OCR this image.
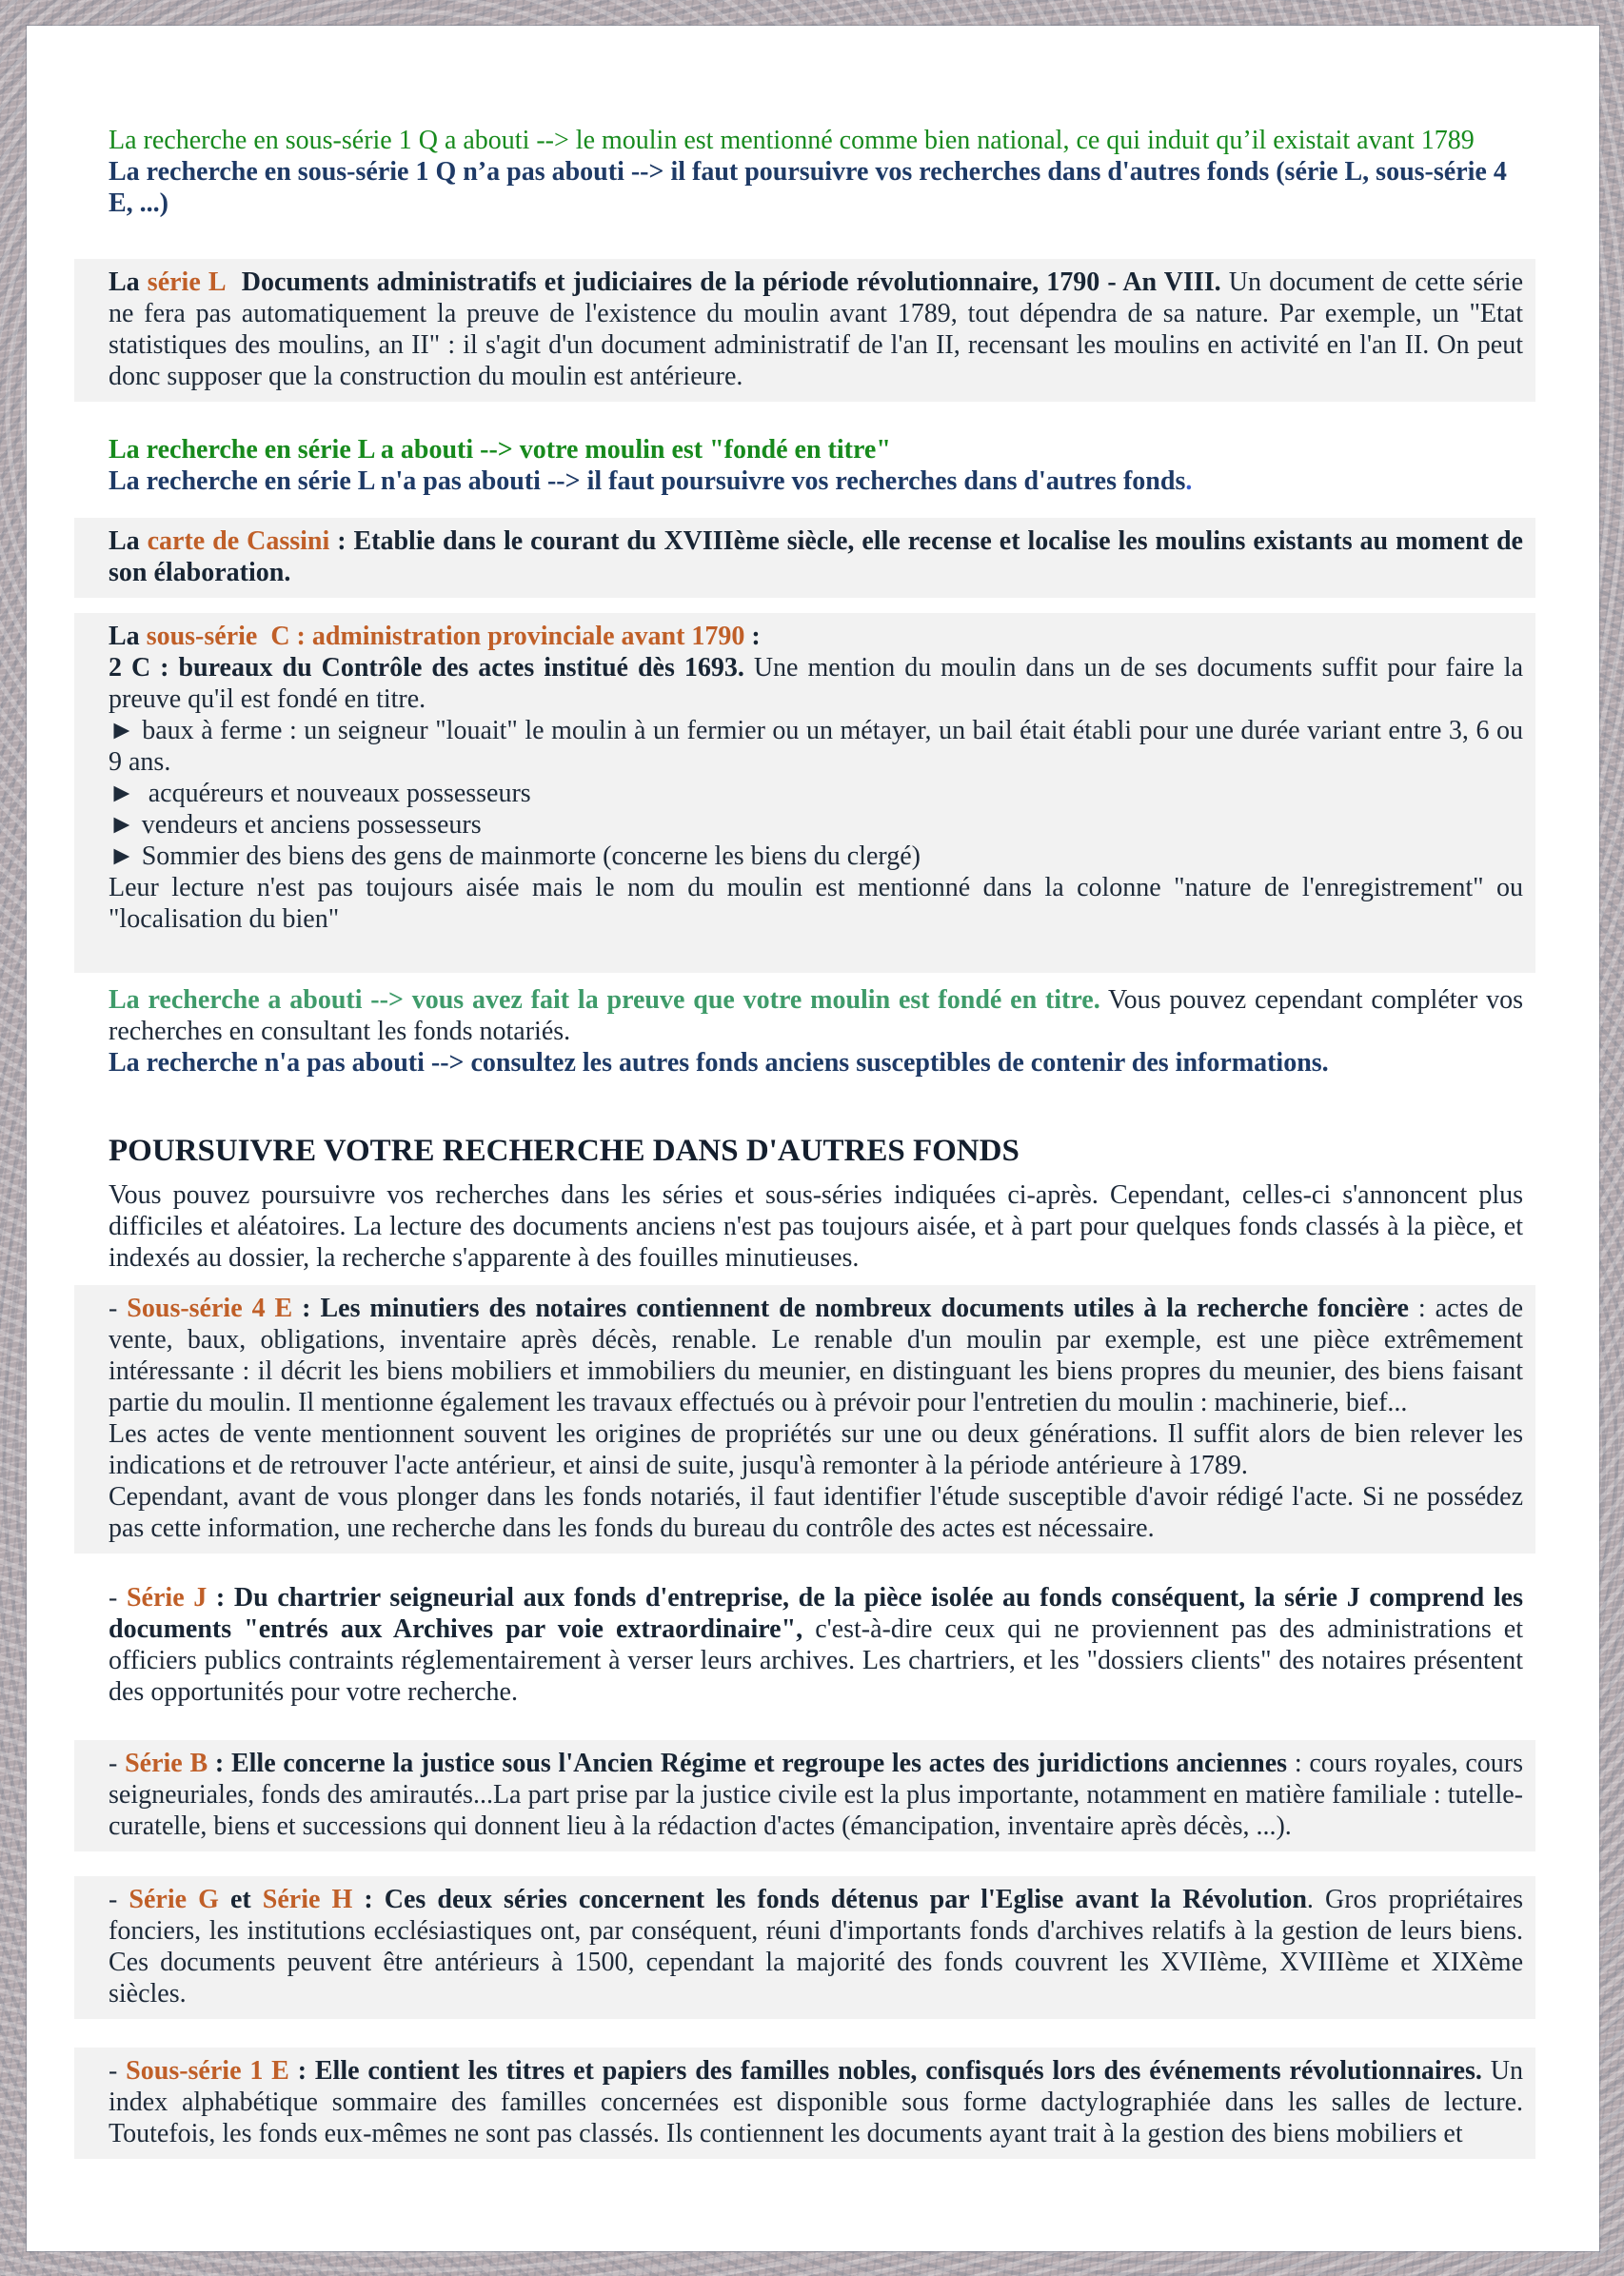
La recherche en sous-série 1 Q a abouti --> le moulin est mentionné comme bien national, ce qui induit qu’il existait avant 1789

La recherche en sous-série 1 Q n’a pas abouti --> il faut poursuivre vos recherches dans d'autres fonds (série L, sous-série 4 E, ...)

La série L  Documents administratifs et judiciaires de la période révolutionnaire, 1790 - An VIII. Un document de cette série ne fera pas automatiquement la preuve de l'existence du moulin avant 1789, tout dépendra de sa nature. Par exemple, un "Etat statistiques des moulins, an II" : il s'agit d'un document administratif de l'an II, recensant les moulins en activité en l'an II. On peut donc supposer que la construction du moulin est antérieure.

La recherche en série L a abouti --> votre moulin est "fondé en titre"

La recherche en série L n'a pas abouti --> il faut poursuivre vos recherches dans d'autres fonds.

La carte de Cassini : Etablie dans le courant du XVIIIème siècle, elle recense et localise les moulins existants au moment de son élaboration.

La sous-série  C : administration provinciale avant 1790 :

2 C : bureaux du Contrôle des actes institué dès 1693. Une mention du moulin dans un de ses documents suffit pour faire la preuve qu'il est fondé en titre.

► baux à ferme : un seigneur "louait" le moulin à un fermier ou un métayer, un bail était établi pour une durée variant entre 3, 6 ou 9 ans.

►  acquéreurs et nouveaux possesseurs

► vendeurs et anciens possesseurs

► Sommier des biens des gens de mainmorte (concerne les biens du clergé)

Leur lecture n'est pas toujours aisée mais le nom du moulin est mentionné dans la colonne "nature de l'enregistrement" ou "localisation du bien"

La recherche a abouti --> vous avez fait la preuve que votre moulin est fondé en titre. Vous pouvez cependant compléter vos recherches en consultant les fonds notariés.

La recherche n'a pas abouti --> consultez les autres fonds anciens susceptibles de contenir des informations.

POURSUIVRE VOTRE RECHERCHE DANS D'AUTRES FONDS

Vous pouvez poursuivre vos recherches dans les séries et sous-séries indiquées ci-après. Cependant, celles-ci s'annoncent plus difficiles et aléatoires. La lecture des documents anciens n'est pas toujours aisée, et à part pour quelques fonds classés à la pièce, et indexés au dossier, la recherche s'apparente à des fouilles minutieuses.

- Sous-série 4 E : Les minutiers des notaires contiennent de nombreux documents utiles à la recherche foncière : actes de vente, baux, obligations, inventaire après décès, renable. Le renable d'un moulin par exemple, est une pièce extrêmement intéressante : il décrit les biens mobiliers et immobiliers du meunier, en distinguant les biens propres du meunier, des biens faisant partie du moulin. Il mentionne également les travaux effectués ou à prévoir pour l'entretien du moulin : machinerie, bief...

Les actes de vente mentionnent souvent les origines de propriétés sur une ou deux générations. Il suffit alors de bien relever les indications et de retrouver l'acte antérieur, et ainsi de suite, jusqu'à remonter à la période antérieure à 1789.

Cependant, avant de vous plonger dans les fonds notariés, il faut identifier l'étude susceptible d'avoir rédigé l'acte. Si ne possédez pas cette information, une recherche dans les fonds du bureau du contrôle des actes est nécessaire.

- Série J : Du chartrier seigneurial aux fonds d'entreprise, de la pièce isolée au fonds conséquent, la série J comprend les documents "entrés aux Archives par voie extraordinaire", c'est-à-dire ceux qui ne proviennent pas des administrations et officiers publics contraints réglementairement à verser leurs archives. Les chartriers, et les "dossiers clients" des notaires présentent des opportunités pour votre recherche.

- Série B : Elle concerne la justice sous l'Ancien Régime et regroupe les actes des juridictions anciennes : cours royales, cours seigneuriales, fonds des amirautés...La part prise par la justice civile est la plus importante, notamment en matière familiale : tutelle-curatelle, biens et successions qui donnent lieu à la rédaction d'actes (émancipation, inventaire après décès, ...).
- Série G et Série H : Ces deux séries concernent les fonds détenus par l'Eglise avant la Révolution. Gros propriétaires fonciers, les institutions ecclésiastiques ont, par conséquent, réuni d'importants fonds d'archives relatifs à la gestion de leurs biens. Ces documents peuvent être antérieurs à 1500, cependant la majorité des fonds couvrent les XVIIème, XVIIIème et XIXème siècles.
- Sous-série 1 E : Elle contient les titres et papiers des familles nobles, confisqués lors des événements révolutionnaires. Un index alphabétique sommaire des familles concernées est disponible sous forme dactylographiée dans les salles de lecture. Toutefois, les fonds eux-mêmes ne sont pas classés. Ils contiennent les documents ayant trait à la gestion des biens mobiliers et
